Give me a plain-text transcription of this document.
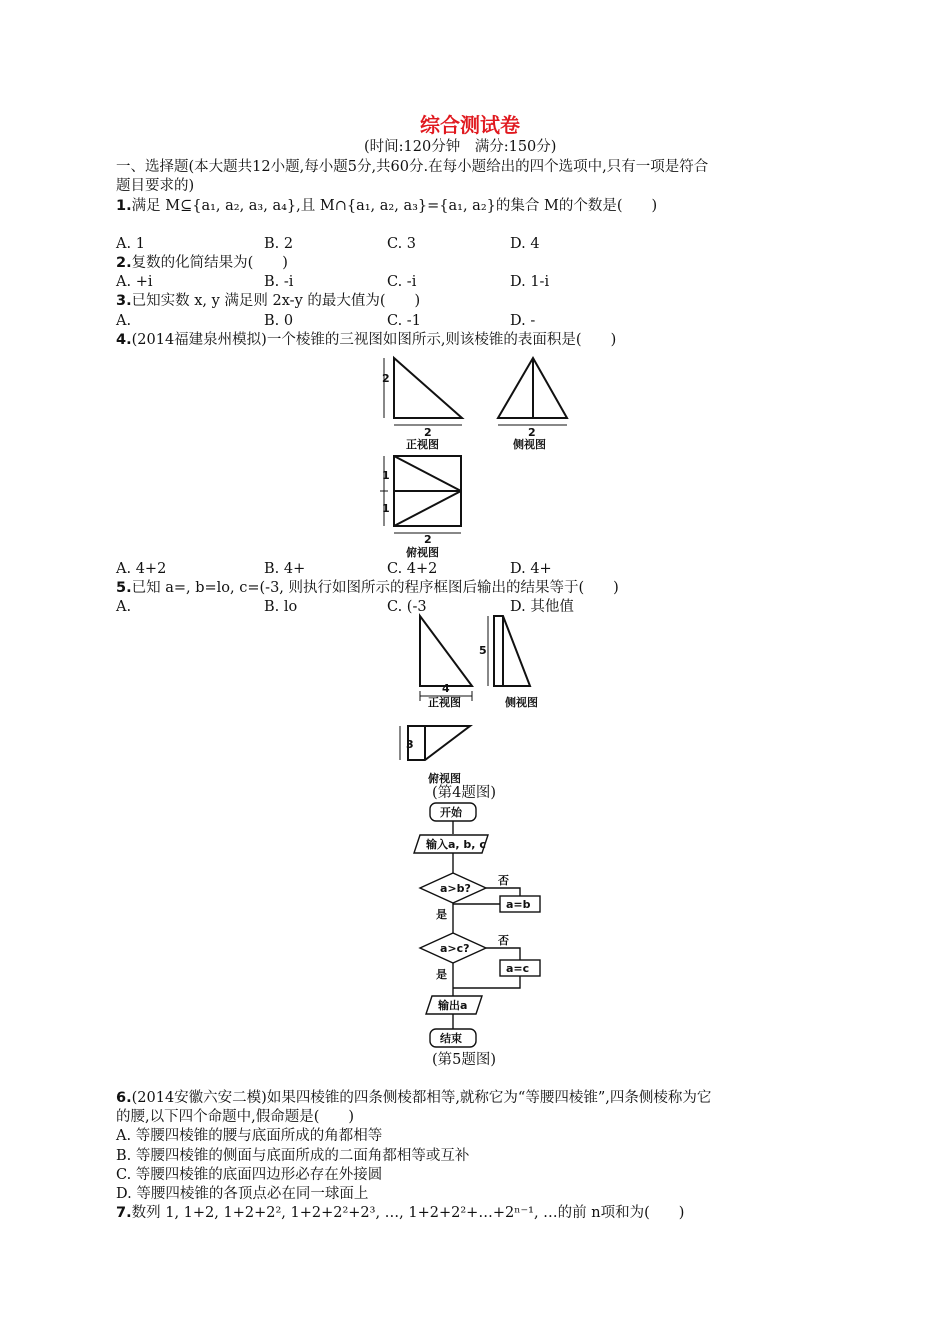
综合测试卷
(时间:120分钟　满分:150分)
一、选择题(本大题共12小题,每小题5分,共60分.在每小题给出的四个选项中,只有一项是符合
题目要求的)
1.满足 M⊆{a₁, a₂, a₃, a₄},且 M∩{a₁, a₂, a₃}={a₁, a₂}的集合 M的个数是(　　)
A. 1	B. 2	C. 3	D. 4
2.复数的化简结果为(　　)
A. +i	B. -i	C. -i	D. 1-i
3.已知实数 x, y 满足则 2x-y 的最大值为(　　)
A.	B. 0	C. -1	D. -
4.(2014福建泉州模拟)一个棱锥的三视图如图所示,则该棱锥的表面积是(　　)
2
2
正视图
2
侧视图
1
1
2
俯视图
A. 4+2	B. 4+	C. 4+2	D. 4+
5.已知 a=, b=lo, c=(-3, 则执行如图所示的程序框图后输出的结果等于(　　)
A.	B. lo	C. (-3	D. 其他值
4
正视图
5
侧视图
3
俯视图
(第4题图)
开始
输入a, b, c
a>b?
否
a=b
是
a>c?
否
a=c
是
输出a
结束
(第5题图)
6.(2014安徽六安二模)如果四棱锥的四条侧棱都相等,就称它为“等腰四棱锥”,四条侧棱称为它
的腰,以下四个命题中,假命题是(　　)
A. 等腰四棱锥的腰与底面所成的角都相等
B. 等腰四棱锥的侧面与底面所成的二面角都相等或互补
C. 等腰四棱锥的底面四边形必存在外接圆
D. 等腰四棱锥的各顶点必在同一球面上
7.数列 1, 1+2, 1+2+2², 1+2+2²+2³, …, 1+2+2²+…+2ⁿ⁻¹, …的前 n项和为(　　)
